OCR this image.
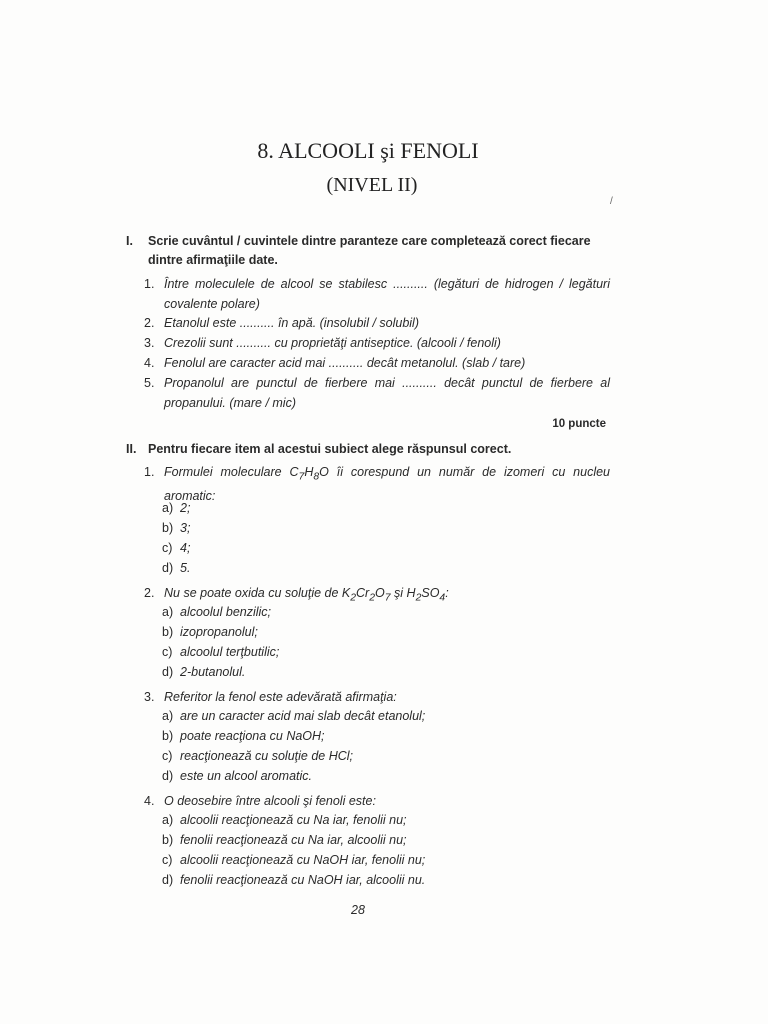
8. ALCOOLI şi FENOLI
(NIVEL II)
/
I. Scrie cuvântul / cuvintele dintre paranteze care completează corect fiecare dintre afirmaţiile date.
1. Între moleculele de alcool se stabilesc .......... (legături de hidrogen / legături covalente polare)
2. Etanolul este .......... în apă. (insolubil / solubil)
3. Crezolii sunt .......... cu proprietăţi antiseptice. (alcooli / fenoli)
4. Fenolul are caracter acid mai .......... decât metanolul. (slab / tare)
5. Propanolul are punctul de fierbere mai .......... decât punctul de fierbere al propanului. (mare / mic)
10 puncte
II. Pentru fiecare item al acestui subiect alege răspunsul corect.
1. Formulei moleculare $C_7H_8O$ îi corespund un număr de izomeri cu nucleu aromatic:
a) 2;
b) 3;
c) 4;
d) 5.
2. Nu se poate oxida cu soluţie de $K_2Cr_2O_7$ şi $H_2SO_4$:
a) alcoolul benzilic;
b) izopropanolul;
c) alcoolul terţbutilic;
d) 2-butanolul.
3. Referitor la fenol este adevărată afirmaţia:
a) are un caracter acid mai slab decât etanolul;
b) poate reacţiona cu NaOH;
c) reacţionează cu soluţie de HCl;
d) este un alcool aromatic.
4. O deosebire între alcooli şi fenoli este:
a) alcoolii reacţionează cu Na iar, fenolii nu;
b) fenolii reacţionează cu Na iar, alcoolii nu;
c) alcoolii reacţionează cu NaOH iar, fenolii nu;
d) fenolii reacţionează cu NaOH iar, alcoolii nu.
28
